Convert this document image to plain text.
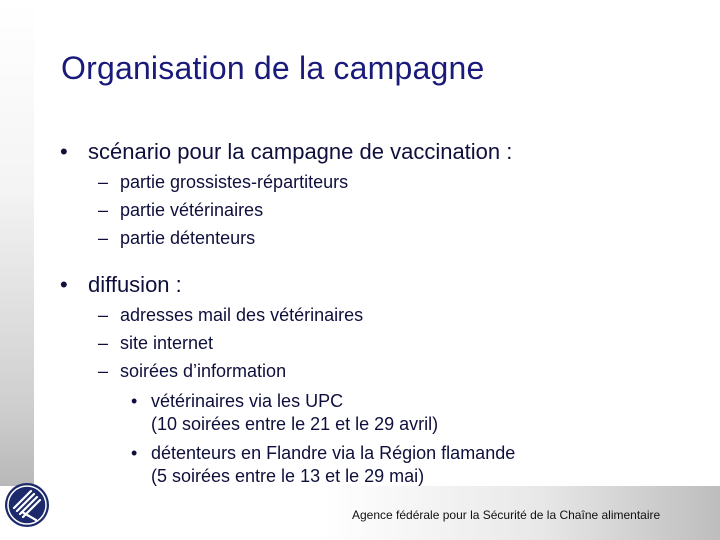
Organisation de la campagne
• scénario pour la campagne de vaccination :
– partie grossistes-répartiteurs
– partie vétérinaires
– partie détenteurs
• diffusion :
– adresses mail des vétérinaires
– site internet
– soirées d’information
• vétérinaires via les UPC
(10 soirées entre le 21 et le 29 avril)
• détenteurs en Flandre via la Région flamande
(5 soirées entre le 13 et le 29 mai)
Agence fédérale pour la Sécurité de la Chaîne alimentaire
